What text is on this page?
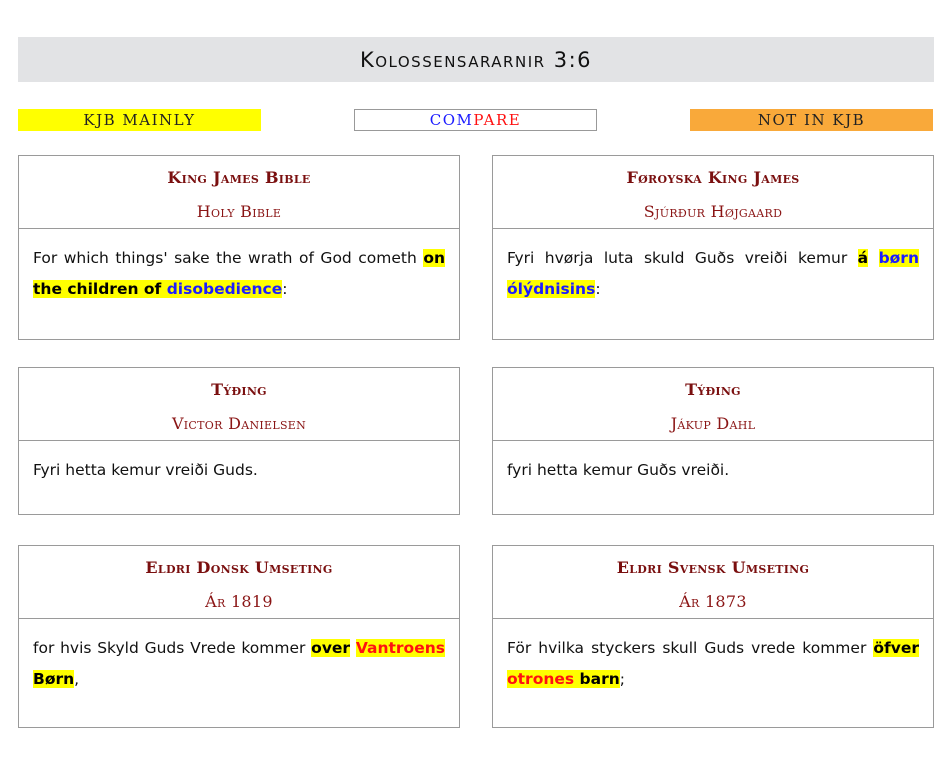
Kolossensararnir 3:6
KJB MAINLY	COM PARE	NOT IN KJB
King James Bible
Holy Bible
For which things' sake the wrath of God cometh on the children of disobedience:
Føroyska King James
Sjúrður Højgaard
Fyri hvørja luta skuld Guðs vreiði kemur á børn ólýdnisins:
Týðing
Victor Danielsen
Fyri hetta kemur vreiði Guds.
Týðing
Jákup Dahl
fyri hetta kemur Guðs vreiði.
Eldri Donsk Umseting
Ár 1819
for hvis Skyld Guds Vrede kommer over Vantroens Børn,
Eldri Svensk Umseting
Ár 1873
För hvilka styckers skull Guds vrede kommer öfver otrones barn;
